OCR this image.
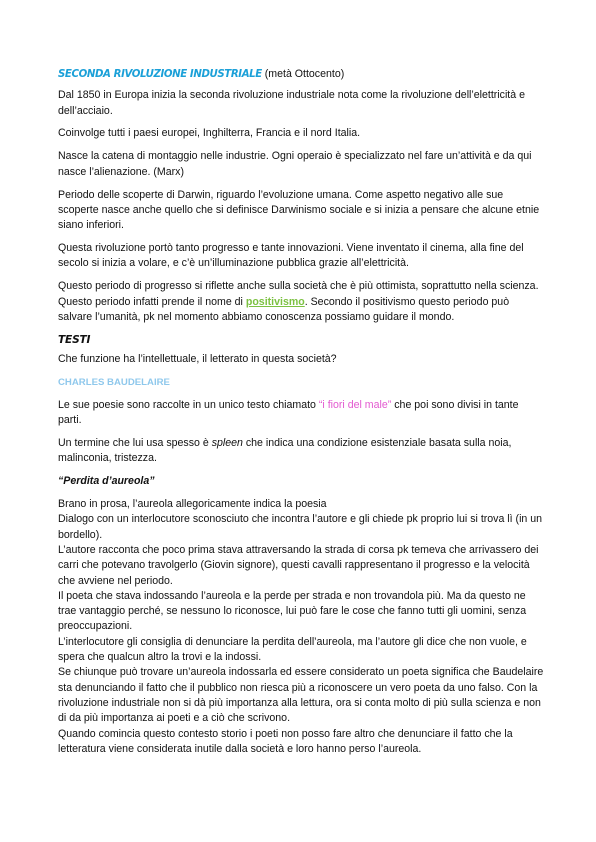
SECONDA RIVOLUZIONE INDUSTRIALE (metà Ottocento)

Dal 1850 in Europa inizia la seconda rivoluzione industriale nota come la rivoluzione dell’elettricità e dell’acciaio.

Coinvolge tutti i paesi europei, Inghilterra, Francia e il nord Italia.

Nasce la catena di montaggio nelle industrie. Ogni operaio è specializzato nel fare un’attività e da qui nasce l’alienazione. (Marx)

Periodo delle scoperte di Darwin, riguardo l’evoluzione umana. Come aspetto negativo alle sue scoperte nasce anche quello che si definisce Darwinismo sociale e si inizia a pensare che alcune etnie siano inferiori.

Questa rivoluzione portò tanto progresso e tante innovazioni. Viene inventato il cinema, alla fine del secolo si inizia a volare, e c’è un’illuminazione pubblica grazie all’elettricità.

Questo periodo di progresso si riflette anche sulla società che è più ottimista, soprattutto nella scienza. Questo periodo infatti prende il nome di positivismo. Secondo il positivismo questo periodo può salvare l’umanità, pk nel momento abbiamo conoscenza possiamo guidare il mondo.

TESTI

Che funzione ha l’intellettuale, il letterato in questa società?

CHARLES BAUDELAIRE

Le sue poesie sono raccolte in un unico testo chiamato “i fiori del male” che poi sono divisi in tante parti.

Un termine che lui usa spesso è spleen che indica una condizione esistenziale basata sulla noia, malinconia, tristezza.

“Perdita d’aureola”

Brano in prosa, l’aureola allegoricamente indica la poesia

Dialogo con un interlocutore sconosciuto che incontra l’autore e gli chiede pk proprio lui si trova lì (in un bordello).

L’autore racconta che poco prima stava attraversando la strada di corsa pk temeva che arrivassero dei carri che potevano travolgerlo (Giovin signore), questi cavalli rappresentano il progresso e la velocità che avviene nel periodo.

Il poeta che stava indossando l’aureola e la perde per strada e non trovandola più. Ma da questo ne trae vantaggio perché, se nessuno lo riconosce, lui può fare le cose che fanno tutti gli uomini, senza preoccupazioni.

L’interlocutore gli consiglia di denunciare la perdita dell’aureola, ma l’autore gli dice che non vuole, e spera che qualcun altro la trovi e la indossi.

Se chiunque può trovare un’aureola indossarla ed essere considerato un poeta significa che Baudelaire sta denunciando il fatto che il pubblico non riesca più a riconoscere un vero poeta da uno falso. Con la rivoluzione industriale non si dà più importanza alla lettura, ora si conta molto di più sulla scienza e non di da più importanza ai poeti e a ciò che scrivono.

Quando comincia questo contesto storio i poeti non posso fare altro che denunciare il fatto che la letteratura viene considerata inutile dalla società e loro hanno perso l’aureola.
